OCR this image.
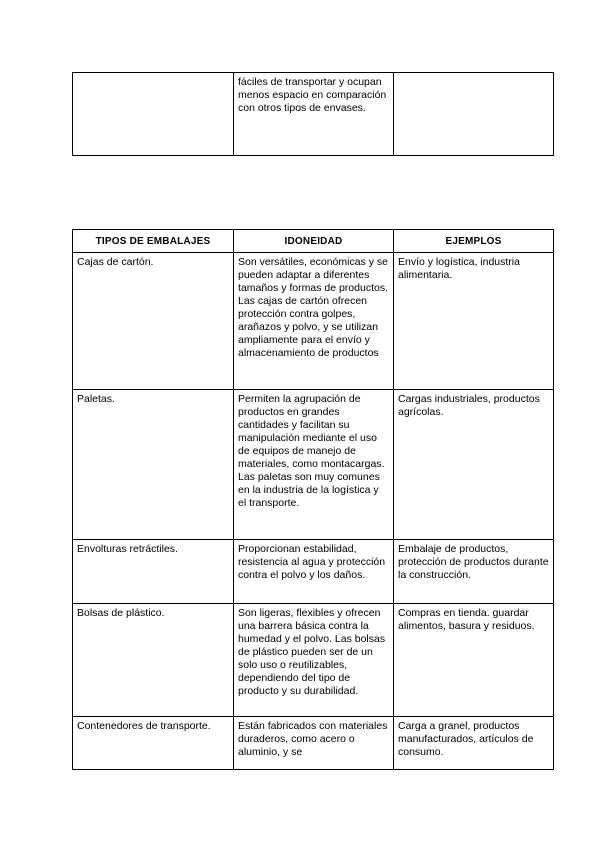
	fáciles de transportar y ocupan menos espacio en comparación con otros tipos de envases.	
TIPOS DE EMBALAJES	IDONEIDAD	EJEMPLOS
Cajas de cartón.	Son versátiles, económicas y se pueden adaptar a diferentes tamaños y formas de productos. Las cajas de cartón ofrecen protección contra golpes, arañazos y polvo, y se utilizan ampliamente para el envío y almacenamiento de productos	Envío y logística, industria alimentaria.
Paletas.	Permiten la agrupación de productos en grandes cantidades y facilitan su manipulación mediante el uso de equipos de manejo de materiales, como montacargas. Las paletas son muy comunes en la industria de la logística y el transporte.	Cargas industriales, productos agrícolas.
Envolturas retráctiles.	Proporcionan estabilidad, resistencia al agua y protección contra el polvo y los daños.	Embalaje de productos, protección de productos durante la construcción.
Bolsas de plástico.	Son ligeras, flexibles y ofrecen una barrera básica contra la humedad y el polvo. Las bolsas de plástico pueden ser de un solo uso o reutilizables, dependiendo del tipo de producto y su durabilidad.	Compras en tienda. guardar alimentos, basura y residuos.
Contenedores de transporte.	Están fabricados con materiales duraderos, como acero o aluminio, y se	Carga a granel, productos manufacturados, artículos de consumo.
